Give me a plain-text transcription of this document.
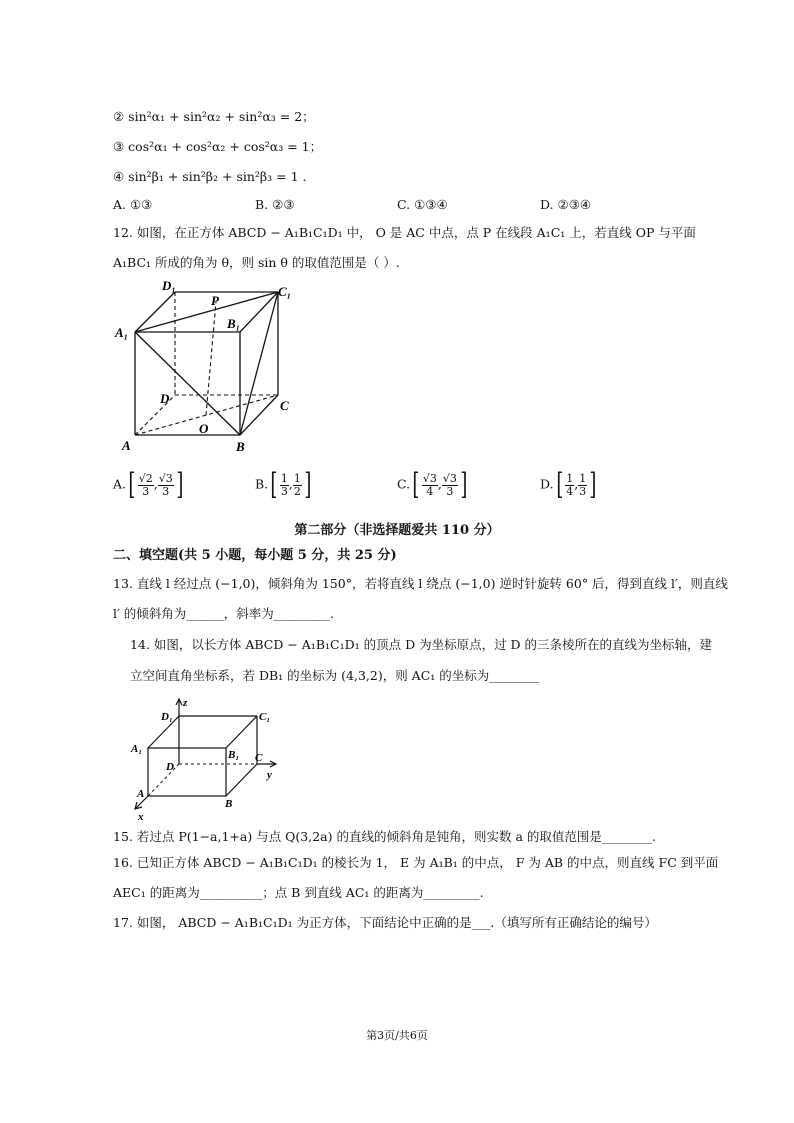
② sin²α₁ + sin²α₂ + sin²α₃ = 2；
③ cos²α₁ + cos²α₂ + cos²α₃ = 1；
④ sin²β₁ + sin²β₂ + sin²β₃ = 1 .
A. ①③	B. ②③	C. ①③④	D. ②③④
12. 如图，在正方体 ABCD − A₁B₁C₁D₁ 中， O 是 AC 中点，点 P 在线段 A₁C₁ 上，若直线 OP 与平面
A₁BC₁ 所成的角为 θ，则 sin θ 的取值范围是（ ）.
D₁
P
C₁
A₁
B₁
D	C
O
A	B
$A.[ \frac{√2}{3}$ , $\frac{√3}{3}$ ]	$B.[ \frac{1}{3}$ , $\frac{1}{2}$ ]	$C.[ \frac{√3}{4}$ , $\frac{√3}{3}$ ]	$D.[ \frac{1}{4}$ , $\frac{1}{3}$ ]
第二部分（非选择题爱共 110 分）
二、填空题(共 5 小题，每小题 5 分，共 25 分)
13. 直线 l 经过点 (−1,0)，倾斜角为 150°，若将直线 l 绕点 (−1,0) 逆时针旋转 60° 后，得到直线 l′，则直线
l′ 的倾斜角为______，斜率为_________.
14. 如图，以长方体 ABCD − A₁B₁C₁D₁ 的顶点 D 为坐标原点，过 D 的三条棱所在的直线为坐标轴，建
立空间直角坐标系，若 DB₁ 的坐标为 (4,3,2)，则 AC₁ 的坐标为________
z
D₁	C₁
A₁	B₁
D
C
y
A
B
x
15. 若过点 P(1−a,1+a) 与点 Q(3,2a) 的直线的倾斜角是钝角，则实数 a 的取值范围是________.
16. 已知正方体 ABCD − A₁B₁C₁D₁ 的棱长为 1， E 为 A₁B₁ 的中点， F 为 AB 的中点，则直线 FC 到平面
AEC₁ 的距离为__________；点 B 到直线 AC₁ 的距离为_________.
17. 如图， ABCD − A₁B₁C₁D₁ 为正方体，下面结论中正确的是___.（填写所有正确结论的编号）
第3页/共6页
